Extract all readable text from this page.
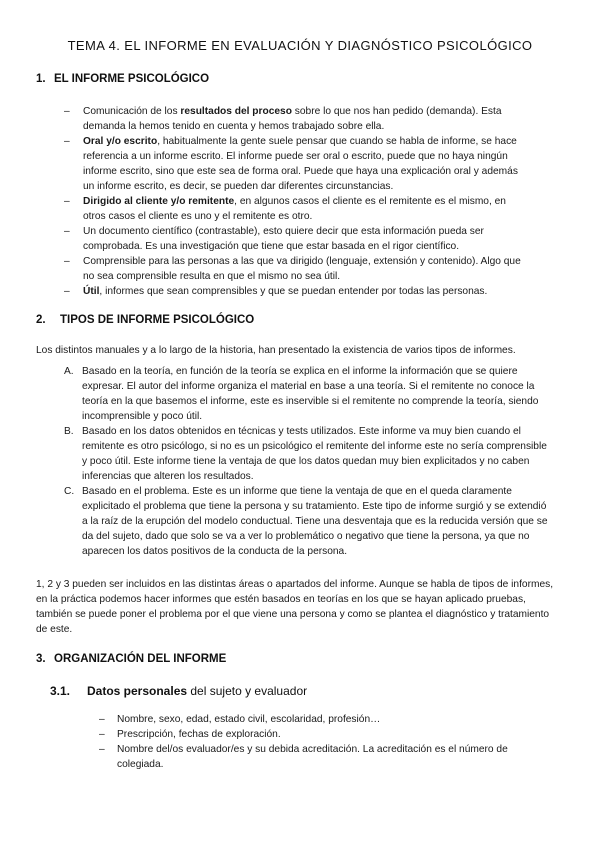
TEMA 4. EL INFORME EN EVALUACIÓN Y DIAGNÓSTICO PSICOLÓGICO
1. EL INFORME PSICOLÓGICO
– Comunicación de los resultados del proceso sobre lo que nos han pedido (demanda). Esta demanda la hemos tenido en cuenta y hemos trabajado sobre ella.
– Oral y/o escrito, habitualmente la gente suele pensar que cuando se habla de informe, se hace referencia a un informe escrito. El informe puede ser oral o escrito, puede que no haya ningún informe escrito, sino que este sea de forma oral. Puede que haya una explicación oral y además un informe escrito, es decir, se pueden dar diferentes circunstancias.
– Dirigido al cliente y/o remitente, en algunos casos el cliente es el remitente es el mismo, en otros casos el cliente es uno y el remitente es otro.
– Un documento científico (contrastable), esto quiere decir que esta información pueda ser comprobada. Es una investigación que tiene que estar basada en el rigor científico.
– Comprensible para las personas a las que va dirigido (lenguaje, extensión y contenido). Algo que no sea comprensible resulta en que el mismo no sea útil.
– Útil, informes que sean comprensibles y que se puedan entender por todas las personas.
2. TIPOS DE INFORME PSICOLÓGICO
Los distintos manuales y a lo largo de la historia, han presentado la existencia de varios tipos de informes.
A. Basado en la teoría, en función de la teoría se explica en el informe la información que se quiere expresar. El autor del informe organiza el material en base a una teoría. Si el remitente no conoce la teoría en la que basemos el informe, este es inservible si el remitente no comprende la teoría, siendo incomprensible y poco útil.
B. Basado en los datos obtenidos en técnicas y tests utilizados. Este informe va muy bien cuando el remitente es otro psicólogo, si no es un psicológico el remitente del informe este no sería comprensible y poco útil. Este informe tiene la ventaja de que los datos quedan muy bien explicitados y no caben inferencias que alteren los resultados.
C. Basado en el problema. Este es un informe que tiene la ventaja de que en el queda claramente explicitado el problema que tiene la persona y su tratamiento. Este tipo de informe surgió y se extendió a la raíz de la erupción del modelo conductual. Tiene una desventaja que es la reducida versión que se da del sujeto, dado que solo se va a ver lo problemático o negativo que tiene la persona, ya que no aparecen los datos positivos de la conducta de la persona.
1, 2 y 3 pueden ser incluidos en las distintas áreas o apartados del informe. Aunque se habla de tipos de informes, en la práctica podemos hacer informes que estén basados en teorías en los que se hayan aplicado pruebas, también se puede poner el problema por el que viene una persona y como se plantea el diagnóstico y tratamiento de este.
3. ORGANIZACIÓN DEL INFORME
3.1. Datos personales del sujeto y evaluador
– Nombre, sexo, edad, estado civil, escolaridad, profesión…
– Prescripción, fechas de exploración.
– Nombre del/os evaluador/es y su debida acreditación. La acreditación es el número de colegiada.
